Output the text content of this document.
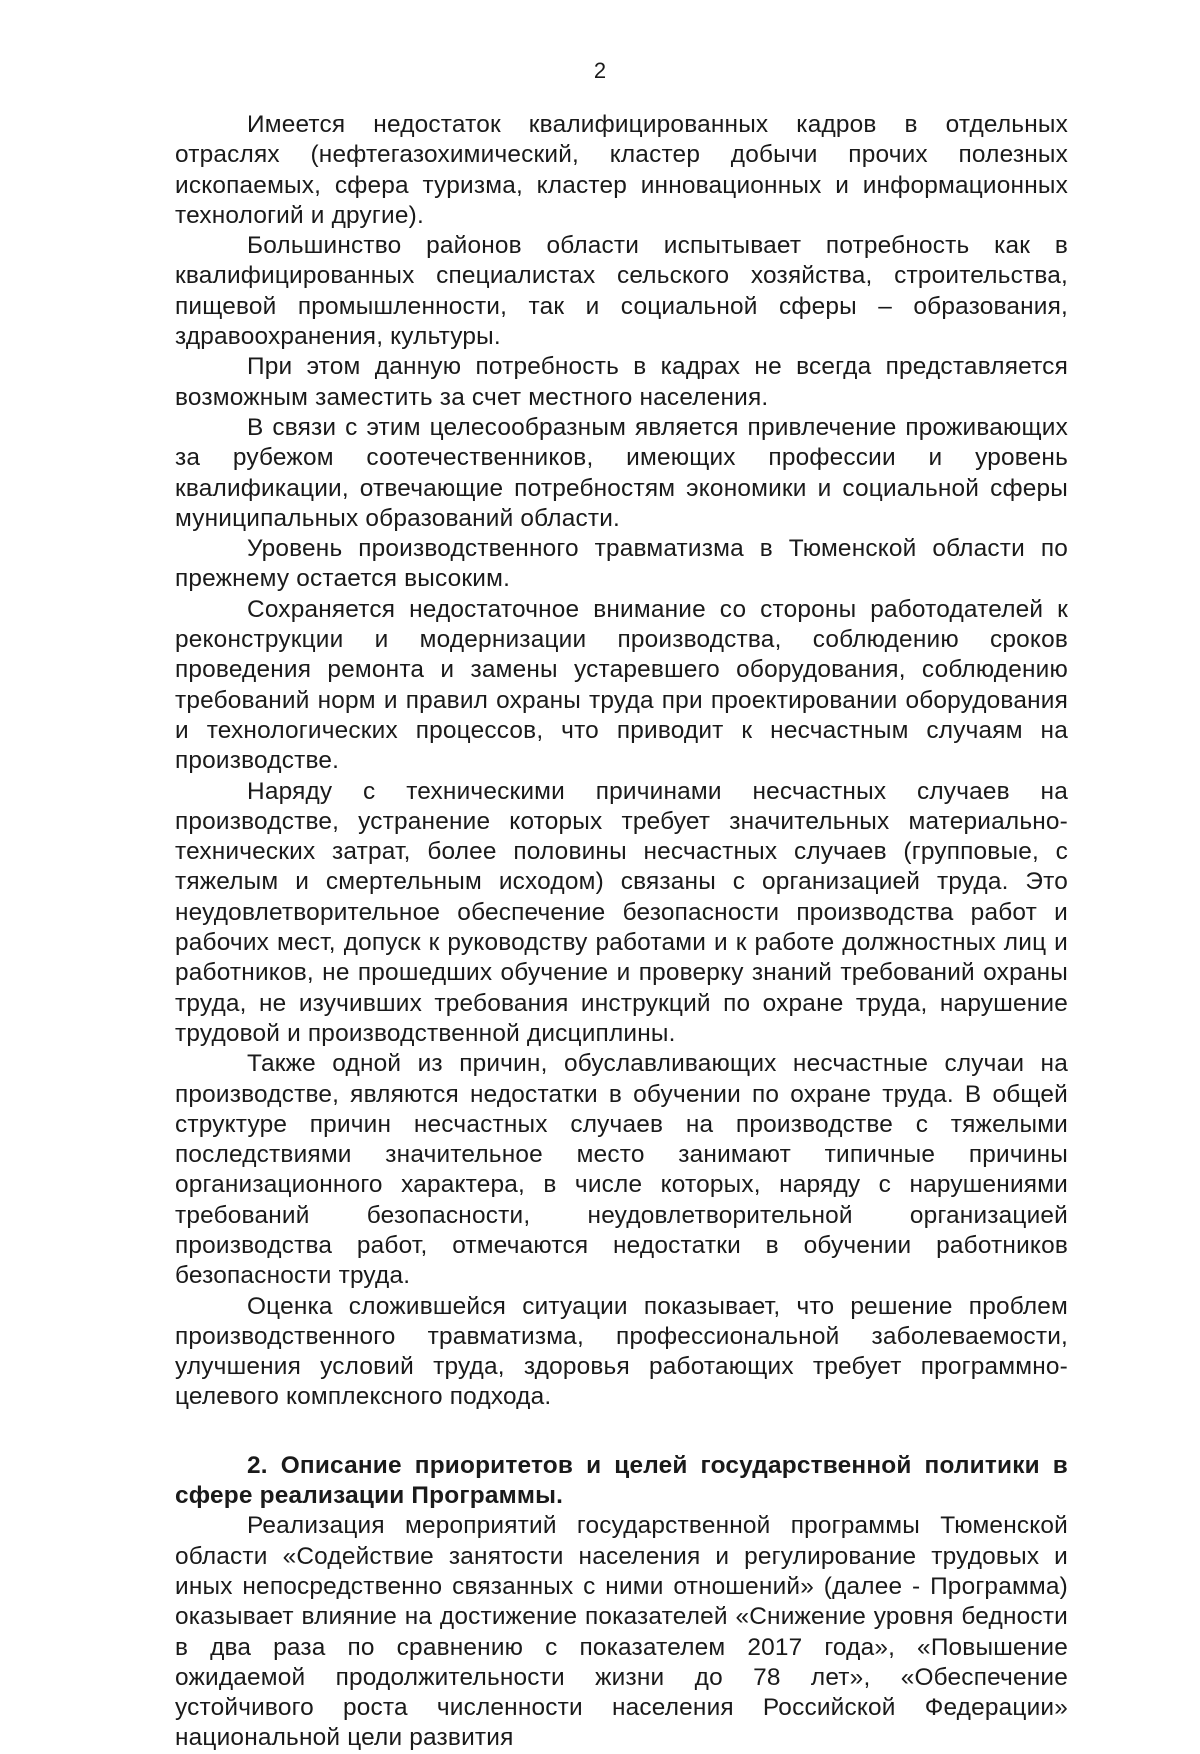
2

Имеется недостаток квалифицированных кадров в отдельных отраслях (нефтегазохимический, кластер добычи прочих полезных ископаемых, сфера туризма, кластер инновационных и информационных технологий и другие).

Большинство районов области испытывает потребность как в квалифицированных специалистах сельского хозяйства, строительства, пищевой промышленности, так и социальной сферы – образования, здравоохранения, культуры.

При этом данную потребность в кадрах не всегда представляется возможным заместить за счет местного населения.

В связи с этим целесообразным является привлечение проживающих за рубежом соотечественников, имеющих профессии и уровень квалификации, отвечающие потребностям экономики и социальной сферы муниципальных образований области.

Уровень производственного травматизма в Тюменской области по прежнему остается высоким.

Сохраняется недостаточное внимание со стороны работодателей к реконструкции и модернизации производства, соблюдению сроков проведения ремонта и замены устаревшего оборудования, соблюдению требований норм и правил охраны труда при проектировании оборудования и технологических процессов, что приводит к несчастным случаям на производстве.

Наряду с техническими причинами несчастных случаев на производстве, устранение которых требует значительных материально-технических затрат, более половины несчастных случаев (групповые, с тяжелым и смертельным исходом) связаны с организацией труда. Это неудовлетворительное обеспечение безопасности производства работ и рабочих мест, допуск к руководству работами и к работе должностных лиц и работников, не прошедших обучение и проверку знаний требований охраны труда, не изучивших требования инструкций по охране труда, нарушение трудовой и производственной дисциплины.

Также одной из причин, обуславливающих несчастные случаи на производстве, являются недостатки в обучении по охране труда. В общей структуре причин несчастных случаев на производстве с тяжелыми последствиями значительное место занимают типичные причины организационного характера, в числе которых, наряду с нарушениями требований безопасности, неудовлетворительной организацией производства работ, отмечаются недостатки в обучении работников безопасности труда.

Оценка сложившейся ситуации показывает, что решение проблем производственного травматизма, профессиональной заболеваемости, улучшения условий труда, здоровья работающих требует программно-целевого комплексного подхода.

2. Описание приоритетов и целей государственной политики в сфере реализации Программы.

Реализация мероприятий государственной программы Тюменской области «Содействие занятости населения и регулирование трудовых и иных непосредственно связанных с ними отношений» (далее - Программа) оказывает влияние на достижение показателей «Снижение уровня бедности в два раза по сравнению с показателем 2017 года», «Повышение ожидаемой продолжительности жизни до 78 лет», «Обеспечение устойчивого роста численности населения Российской Федерации» национальной цели развития
